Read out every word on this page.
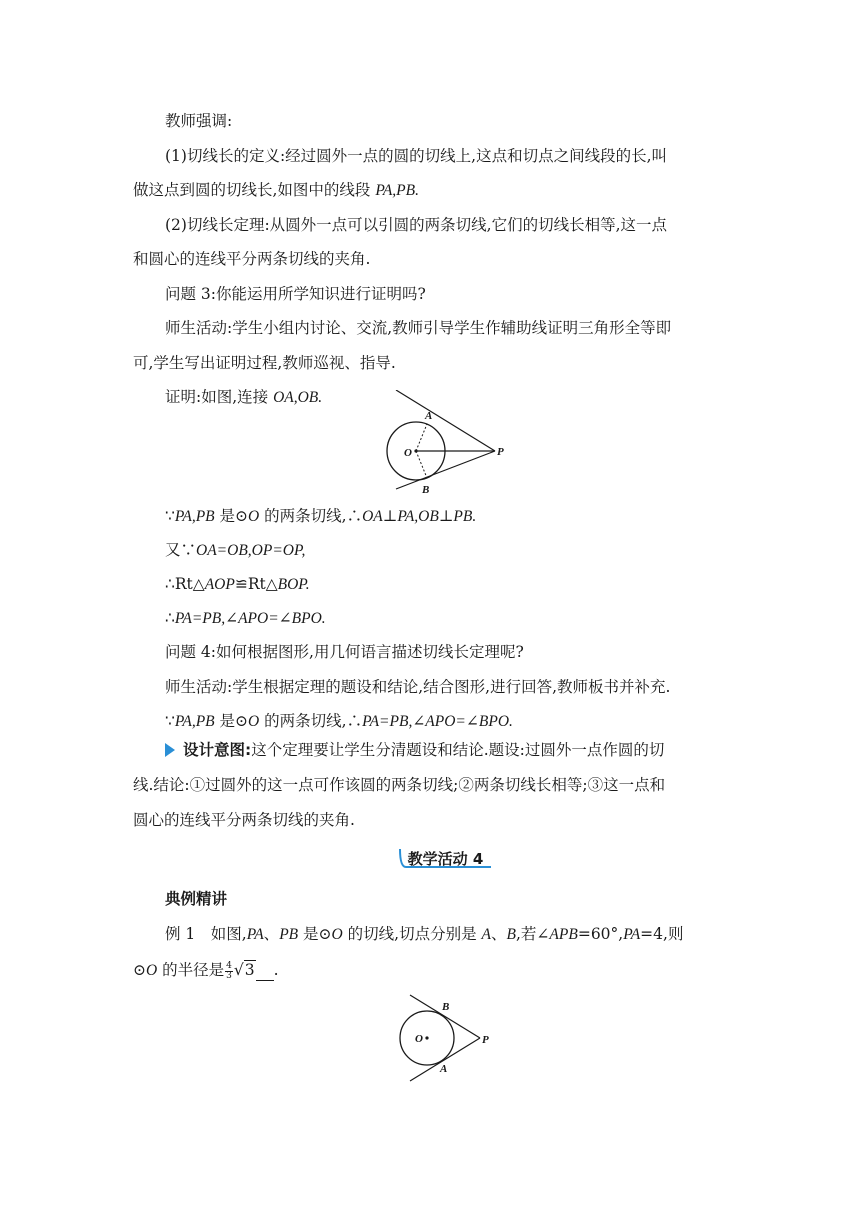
教师强调:
(1)切线长的定义:经过圆外一点的圆的切线上,这点和切点之间线段的长,叫
做这点到圆的切线长,如图中的线段 PA,PB.
(2)切线长定理:从圆外一点可以引圆的两条切线,它们的切线长相等,这一点
和圆心的连线平分两条切线的夹角.
问题 3:你能运用所学知识进行证明吗?
师生活动:学生小组内讨论、交流,教师引导学生作辅助线证明三角形全等即
可,学生写出证明过程,教师巡视、指导.
证明:如图,连接 OA,OB.
A
O	P
B
∵PA,PB 是⊙O 的两条切线,∴OA⊥PA,OB⊥PB.
又∵OA=OB,OP=OP,
∴Rt△AOP≌Rt△BOP.
∴PA=PB,∠APO=∠BPO.
问题 4:如何根据图形,用几何语言描述切线长定理呢?
师生活动:学生根据定理的题设和结论,结合图形,进行回答,教师板书并补充.
∵PA,PB 是⊙O 的两条切线,∴PA=PB,∠APO=∠BPO.
设计意图:这个定理要让学生分清题设和结论.题设:过圆外一点作圆的切
线.结论:①过圆外的这一点可作该圆的两条切线;②两条切线长相等;③这一点和
圆心的连线平分两条切线的夹角.
教学活动 4
典例精讲
例 1　如图,PA、PB 是⊙O 的切线,切点分别是 A、B,若∠APB=60°,PA=4,则
⊙O 的半径是 $\frac{4}{3} √3$ .
B
O	P
A
